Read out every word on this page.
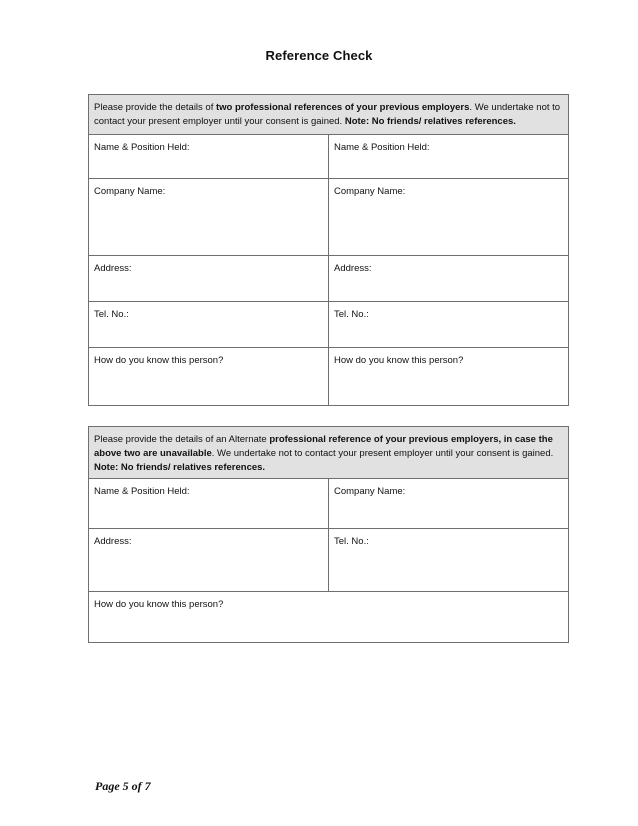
Reference Check
Please provide the details of two professional references of your previous employers. We undertake not to contact your present employer until your consent is gained. Note: No friends/ relatives references.	
Name & Position Held:	Name & Position Held:
Company Name:	Company Name:
Address:	Address:
Tel. No.:	Tel. No.:
How do you know this person?	How do you know this person?
Please provide the details of an Alternate professional reference of your previous employers, in case the above two are unavailable. We undertake not to contact your present employer until your consent is gained. Note: No friends/ relatives references.	
Name & Position Held:	Company Name:
Address:	Tel. No.:
How do you know this person?	
Page 5 of 7
